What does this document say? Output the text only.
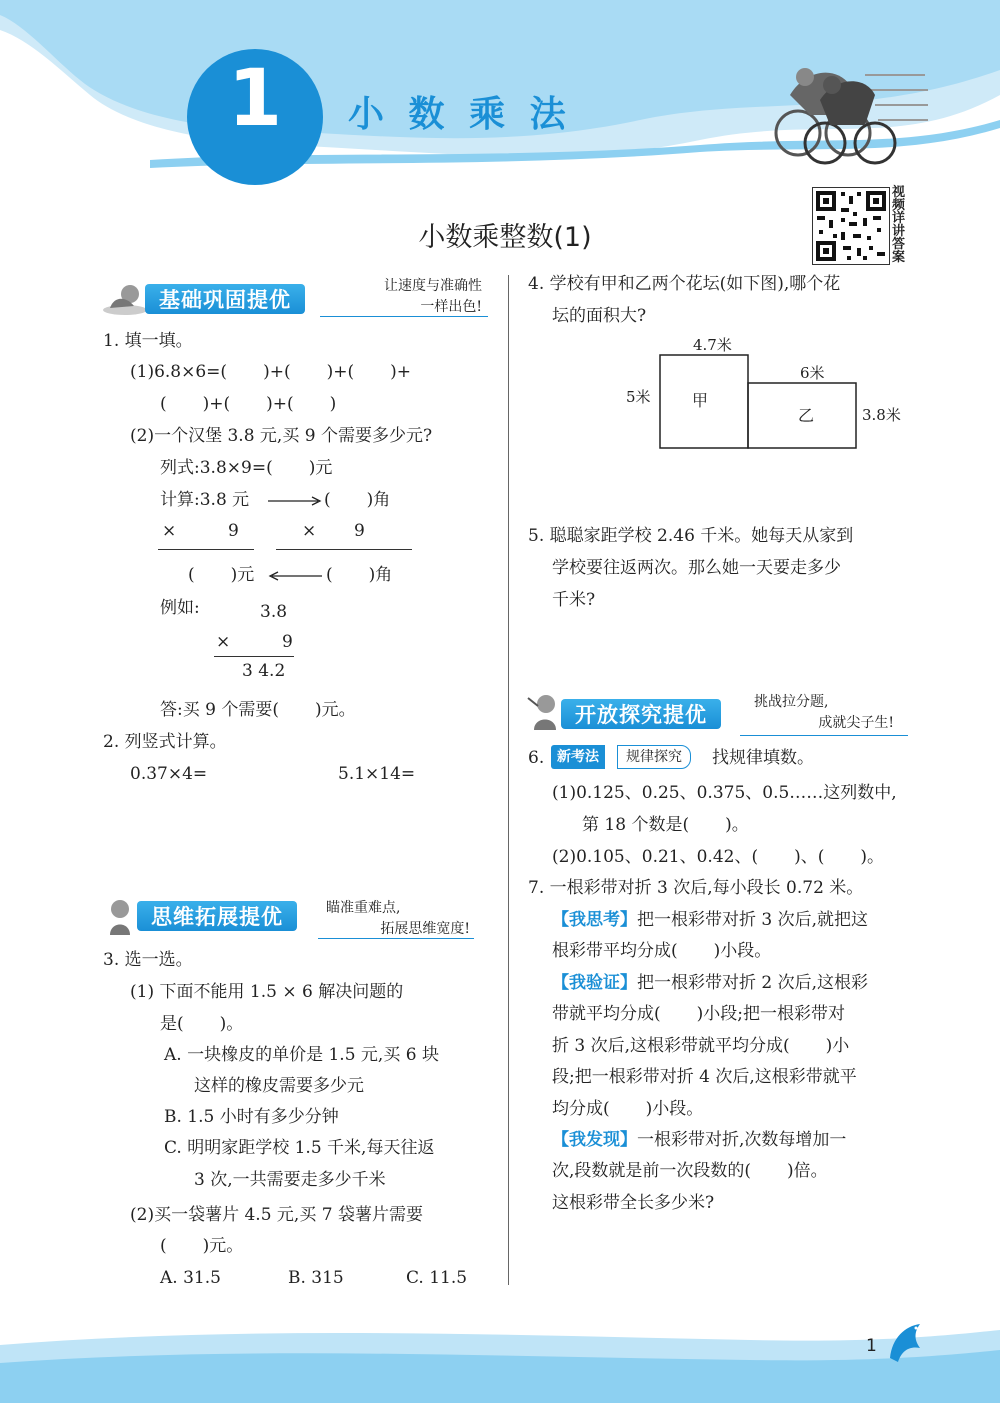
1	小 数 乘 法
视频详讲答案
小数乘整数(1)
基础巩固提优
让速度与准确性
一样出色!
1. 填一填。
(1)6.8×6=( )+( )+( )+
( )+( )+( )
(2)一个汉堡 3.8 元,买 9 个需要多少元?
列式:3.8×9=( )元
计算:3.8 元	( )角
×	9	× 9
( )元	( )角
例如:	3.8
×	9
3 4.2
答:买 9 个需要( )元。
2. 列竖式计算。
0.37×4=	5.1×14=
思维拓展提优	瞄准重难点,
拓展思维宽度!
3. 选一选。
(1) 下面不能用 1.5 × 6 解决问题的
是( )。
A. 一块橡皮的单价是 1.5 元,买 6 块
这样的橡皮需要多少元
B. 1.5 小时有多少分钟
C. 明明家距学校 1.5 千米,每天往返
3 次,一共需要走多少千米
(2)买一袋薯片 4.5 元,买 7 袋薯片需要
( )元。
A. 31.5	B. 315	C. 11.5
4. 学校有甲和乙两个花坛(如下图),哪个花
坛的面积大?
4.7米
5米	甲
6米
3.8米
乙
5. 聪聪家距学校 2.46 千米。她每天从家到
学校要往返两次。那么她一天要走多少
千米?
开放探究提优
挑战拉分题,
成就尖子生!
6. 新考法	规律探究	找规律填数。
(1)0.125、0.25、0.375、0.5……这列数中,
第 18 个数是( )。
(2)0.105、0.21、0.42、( )、( )。
7. 一根彩带对折 3 次后,每小段长 0.72 米。
【我思考】把一根彩带对折 3 次后,就把这
根彩带平均分成( )小段。
【我验证】把一根彩带对折 2 次后,这根彩
带就平均分成( )小段;把一根彩带对
折 3 次后,这根彩带就平均分成( )小
段;把一根彩带对折 4 次后,这根彩带就平
均分成( )小段。
【我发现】一根彩带对折,次数每增加一
次,段数就是前一次段数的( )倍。
这根彩带全长多少米?
1
